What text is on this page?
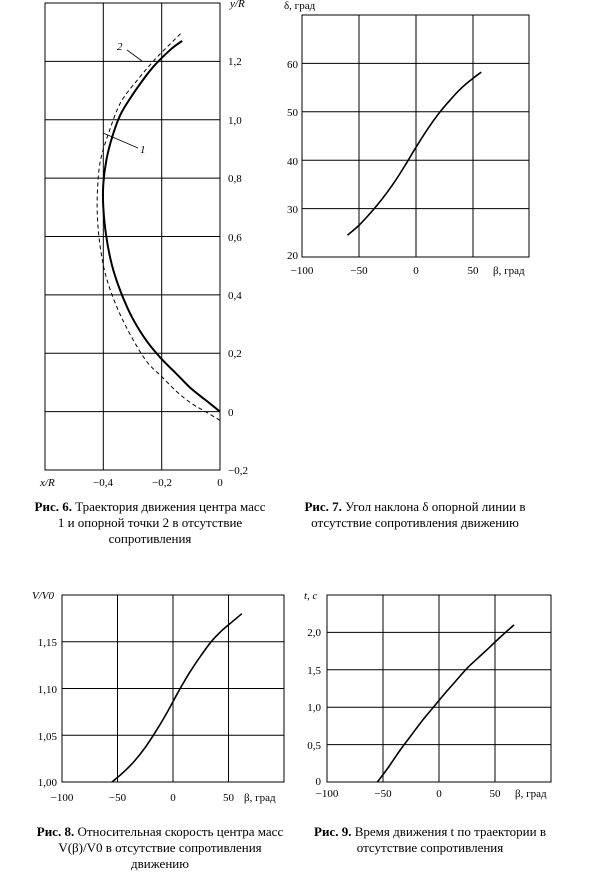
2
1
y/R
x/R
1,2
1,0
0,8
0,6
0,4
0,2
0
−0,2
−0,4	−0,2	0
δ, град
60
50
40
30
20
−100	−50	0	50 β, град
V/V0
1,15
1,10
1,05
1,00
−100	−50	0	50 β, град
t, c
2,0
1,5
1,0
0,5
0
−100	−50	0	50 β, град
Рис. 6. Траектория движения центра масс 1 и опорной точки 2 в отсутствие сопротивления
Рис. 7. Угол наклона δ опорной линии в отсутствие сопротивления движению
Рис. 8. Относительная скорость центра масс V(β)/V0 в отсутствие сопротивления движению
Рис. 9. Время движения t по траектории в отсутствие сопротивления
